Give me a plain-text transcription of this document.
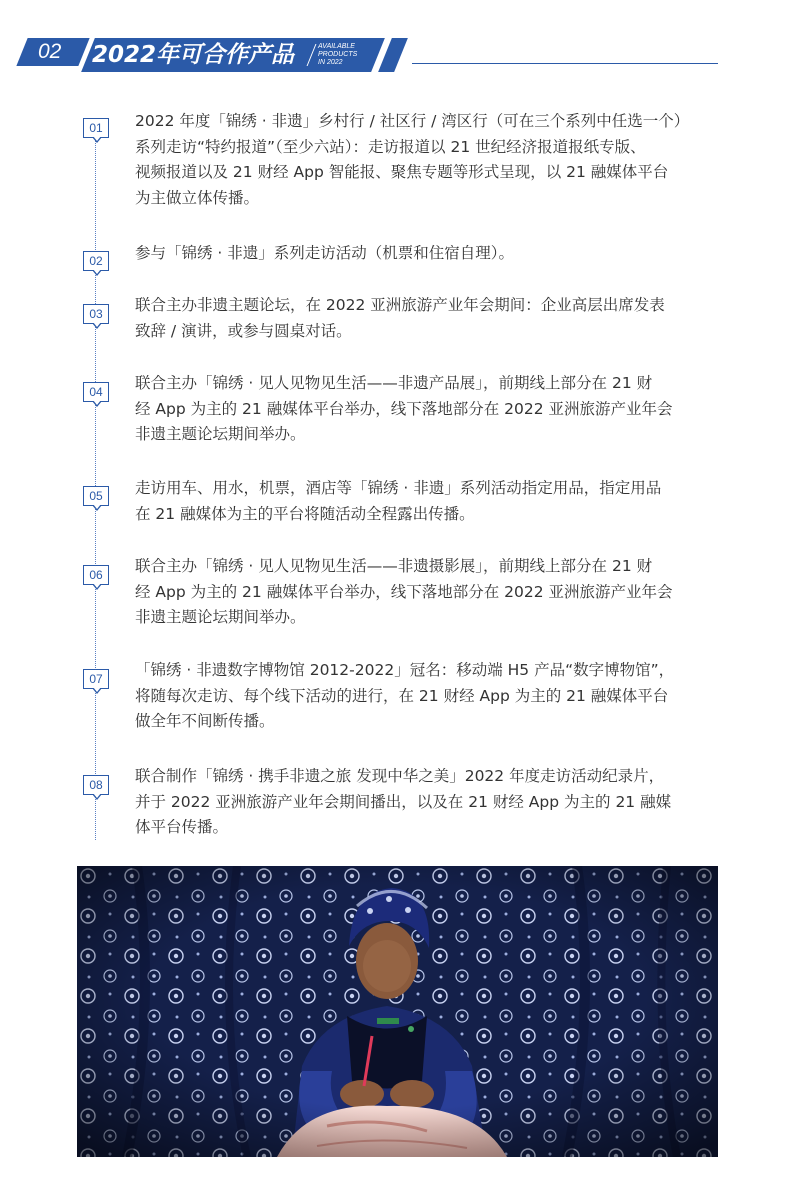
02 2022年可合作产品	AVAILABLE
PRODUCTS
IN 2022
01	2022 年度「锦绣 · 非遗」乡村行 / 社区行 / 湾区行（可在三个系列中任选一个）
系列走访“特约报道”（至少六站）：走访报道以 21 世纪经济报道报纸专版、
视频报道以及 21 财经 App 智能报、聚焦专题等形式呈现，以 21 融媒体平台
为主做立体传播。
02	参与「锦绣 · 非遗」系列走访活动（机票和住宿自理）。
03	联合主办非遗主题论坛，在 2022 亚洲旅游产业年会期间：企业高层出席发表
致辞 / 演讲，或参与圆桌对话。
04	联合主办「锦绣 · 见人见物见生活——非遗产品展」，前期线上部分在 21 财
经 App 为主的 21 融媒体平台举办，线下落地部分在 2022 亚洲旅游产业年会
非遗主题论坛期间举办。
05	走访用车、用水，机票，酒店等「锦绣 · 非遗」系列活动指定用品，指定用品
在 21 融媒体为主的平台将随活动全程露出传播。
06	联合主办「锦绣 · 见人见物见生活——非遗摄影展」，前期线上部分在 21 财
经 App 为主的 21 融媒体平台举办，线下落地部分在 2022 亚洲旅游产业年会
非遗主题论坛期间举办。
07	「锦绣 · 非遗数字博物馆 2012-2022」冠名：移动端 H5 产品“数字博物馆”，
将随每次走访、每个线下活动的进行，在 21 财经 App 为主的 21 融媒体平台
做全年不间断传播。
08	联合制作「锦绣 · 携手非遗之旅 发现中华之美」2022 年度走访活动纪录片，
并于 2022 亚洲旅游产业年会期间播出，以及在 21 财经 App 为主的 21 融媒
体平台传播。
